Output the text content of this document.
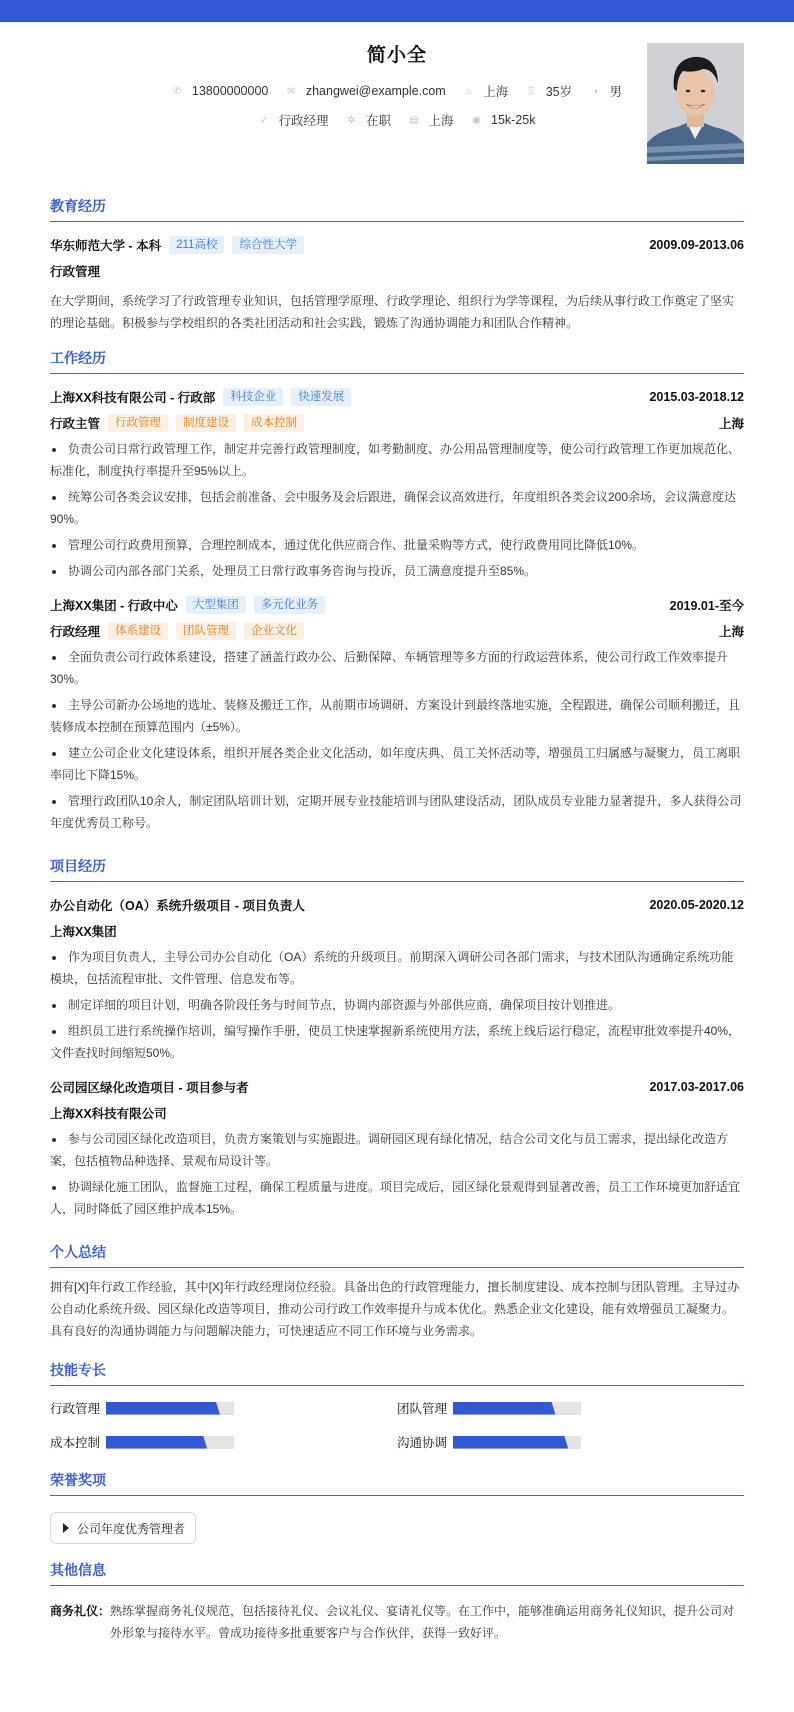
简小全
✆ 13800000000
✉ zhangwei@example.com
⌂ 上海
♖ 35岁
◑ 男
➶ 行政经理
✲ 在职
▤ 上海
◉ 15k-25k
教育经历
华东师范大学 - 本科	211高校	综合性大学	2009.09-2013.06
行政管理
在大学期间，系统学习了行政管理专业知识，包括管理学原理、行政学理论、组织行为学等课程，为后续从事行政工作奠定了坚实的理论基础。积极参与学校组织的各类社团活动和社会实践，锻炼了沟通协调能力和团队合作精神。
工作经历
上海XX科技有限公司 - 行政部	科技企业	快速发展	2015.03-2018.12
行政主管	行政管理	制度建设	成本控制	上海
负责公司日常行政管理工作，制定并完善行政管理制度，如考勤制度、办公用品管理制度等，使公司行政管理工作更加规范化、标准化，制度执行率提升至95%以上。
统筹公司各类会议安排，包括会前准备、会中服务及会后跟进，确保会议高效进行，年度组织各类会议200余场，会议满意度达90%。
管理公司行政费用预算，合理控制成本，通过优化供应商合作、批量采购等方式，使行政费用同比降低10%。
协调公司内部各部门关系，处理员工日常行政事务咨询与投诉，员工满意度提升至85%。
上海XX集团 - 行政中心	大型集团	多元化业务	2019.01-至今
行政经理	体系建设	团队管理	企业文化	上海
全面负责公司行政体系建设，搭建了涵盖行政办公、后勤保障、车辆管理等多方面的行政运营体系，使公司行政工作效率提升30%。
主导公司新办公场地的选址、装修及搬迁工作，从前期市场调研、方案设计到最终落地实施，全程跟进，确保公司顺利搬迁，且装修成本控制在预算范围内（±5%）。
建立公司企业文化建设体系，组织开展各类企业文化活动，如年度庆典、员工关怀活动等，增强员工归属感与凝聚力，员工离职率同比下降15%。
管理行政团队10余人，制定团队培训计划，定期开展专业技能培训与团队建设活动，团队成员专业能力显著提升，多人获得公司年度优秀员工称号。
项目经历
办公自动化（OA）系统升级项目 - 项目负责人	2020.05-2020.12
上海XX集团
作为项目负责人，主导公司办公自动化（OA）系统的升级项目。前期深入调研公司各部门需求，与技术团队沟通确定系统功能模块，包括流程审批、文件管理、信息发布等。
制定详细的项目计划，明确各阶段任务与时间节点，协调内部资源与外部供应商，确保项目按计划推进。
组织员工进行系统操作培训，编写操作手册，使员工快速掌握新系统使用方法，系统上线后运行稳定，流程审批效率提升40%，文件查找时间缩短50%。
公司园区绿化改造项目 - 项目参与者	2017.03-2017.06
上海XX科技有限公司
参与公司园区绿化改造项目，负责方案策划与实施跟进。调研园区现有绿化情况，结合公司文化与员工需求，提出绿化改造方案，包括植物品种选择、景观布局设计等。
协调绿化施工团队，监督施工过程，确保工程质量与进度。项目完成后，园区绿化景观得到显著改善，员工工作环境更加舒适宜人，同时降低了园区维护成本15%。
个人总结
拥有[X]年行政工作经验，其中[X]年行政经理岗位经验。具备出色的行政管理能力，擅长制度建设、成本控制与团队管理。主导过办公自动化系统升级、园区绿化改造等项目，推动公司行政工作效率提升与成本优化。熟悉企业文化建设，能有效增强员工凝聚力。具有良好的沟通协调能力与问题解决能力，可快速适应不同工作环境与业务需求。
技能专长
行政管理	团队管理
成本控制	沟通协调
荣誉奖项
公司年度优秀管理者
其他信息
商务礼仪： 熟练掌握商务礼仪规范，包括接待礼仪、会议礼仪、宴请礼仪等。在工作中，能够准确运用商务礼仪知识，提升公司对外形象与接待水平。曾成功接待多批重要客户与合作伙伴，获得一致好评。
